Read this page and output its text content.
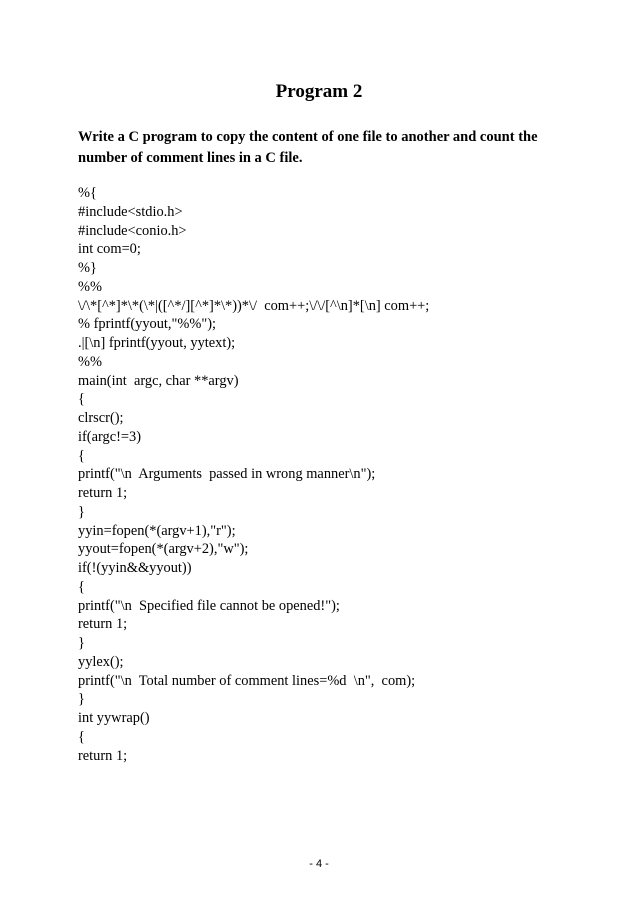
Program 2
Write a C program to copy the content of one file to another and count the
number of comment lines in a C file.
%{
#include<stdio.h>
#include<conio.h>
int com=0;
%}
%%
\/\*[^*]*\*(\*|([^*/][^*]*\*))*\/  com++;\/\/[^\n]*[\n] com++;
% fprintf(yyout,"%%");
.|[\n] fprintf(yyout, yytext);
%%
main(int  argc, char **argv)
{
clrscr();
if(argc!=3)
{
printf("\n  Arguments  passed in wrong manner\n");
return 1;
}
yyin=fopen(*(argv+1),"r");
yyout=fopen(*(argv+2),"w");
if(!(yyin&&yyout))
{
printf("\n  Specified file cannot be opened!");
return 1;
}
yylex();
printf("\n  Total number of comment lines=%d  \n",  com);
}
int yywrap()
{
return 1;
- 4 -
